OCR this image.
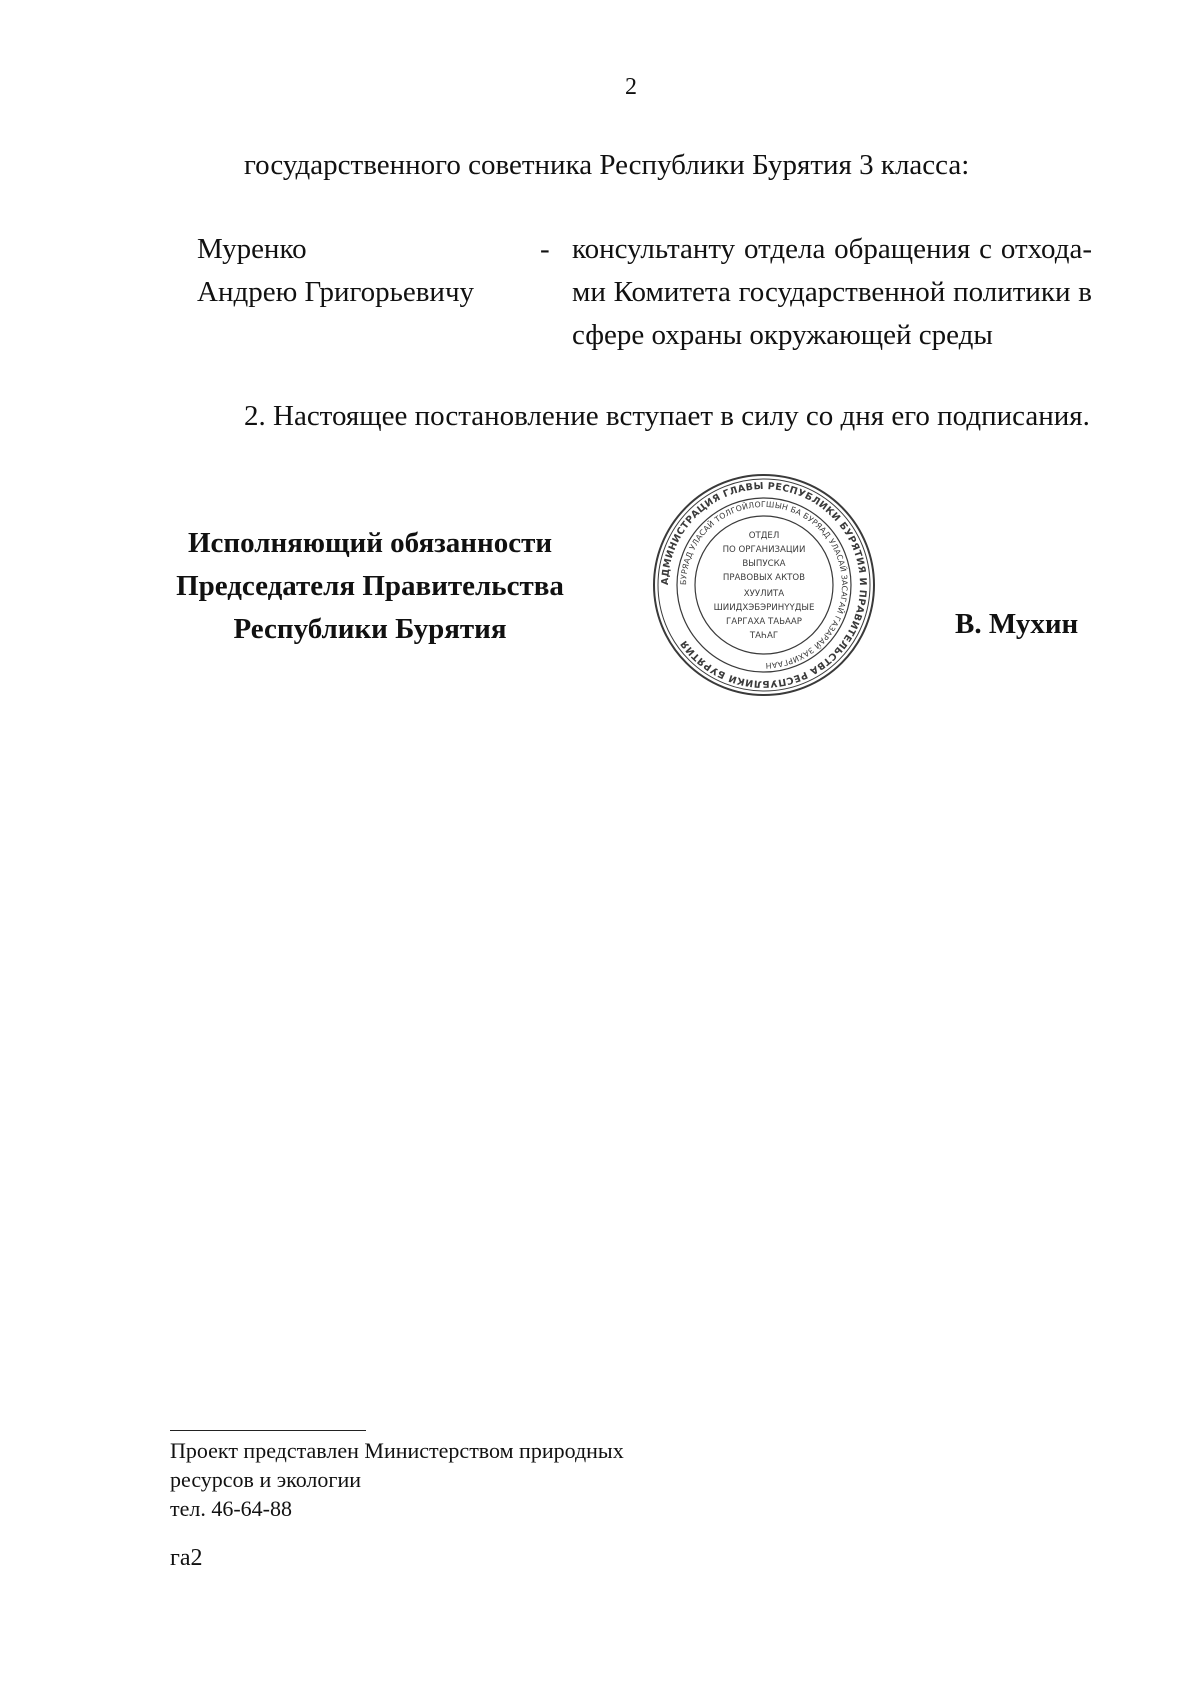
2
государственного советника Республики Бурятия 3 класса:
Муренко
Андрею Григорьевичу
- консультанту отдела обращения с отхода-
ми Комитета государственной политики в
сфере охраны окружающей среды
2. Настоящее постановление вступает в силу со дня его подписания.
Исполняющий обязанности
Председателя Правительства
Республики Бурятия
АДМИНИСТРАЦИЯ ГЛАВЫ РЕСПУБЛИКИ БУРЯТИЯ И ПРАВИТЕЛЬСТВА РЕСПУБЛИКИ БУРЯТИЯ
БУРЯАД УЛАСАЙ ТОЛГОЙЛОГШЫН БА БУРЯАД УЛАСАЙ ЗАСАГАЙ ГАЗАРАЙ ЗАХИРГААН
ОТДЕЛ
ПО ОРГАНИЗАЦИИ
ВЫПУСКА
ПРАВОВЫХ АКТОВ
ХУУЛИТА
ШИИДХЭБЭРИНҮҮДЫЕ
ГАРГАХА ТАЬААР
ТАҺАГ	В. Мухин
Проект представлен Министерством природных
ресурсов и экологии
тел. 46-64-88
га2
